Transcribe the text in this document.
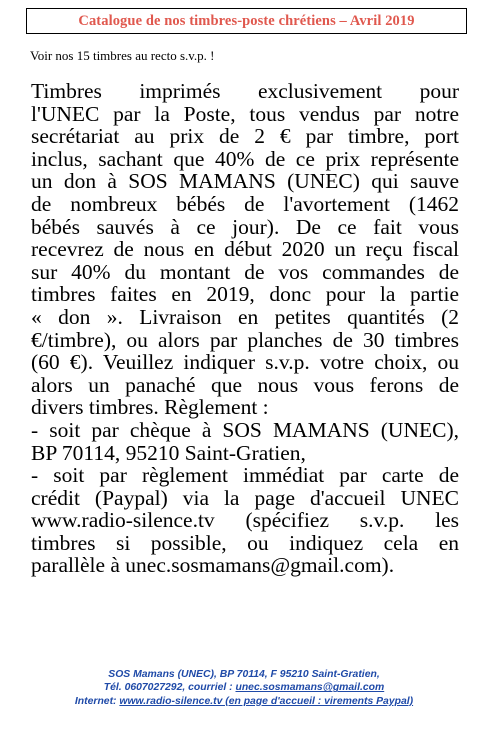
Catalogue de nos timbres-poste chrétiens – Avril 2019
Voir nos 15 timbres au recto s.v.p. !
Timbres imprimés exclusivement pour
l'UNEC par la Poste, tous vendus par notre
secrétariat au prix de 2 € par timbre, port
inclus, sachant que 40% de ce prix représente
un don à SOS MAMANS (UNEC) qui sauve
de nombreux bébés de l'avortement (1462
bébés sauvés à ce jour). De ce fait vous
recevrez de nous en début 2020 un reçu fiscal
sur 40% du montant de vos commandes de
timbres faites en 2019, donc pour la partie
« don ». Livraison en petites quantités (2
€/timbre), ou alors par planches de 30 timbres
(60 €). Veuillez indiquer s.v.p. votre choix, ou
alors un panaché que nous vous ferons de
divers timbres. Règlement :
- soit par chèque à SOS MAMANS (UNEC),
BP 70114, 95210 Saint-Gratien,
- soit par règlement immédiat par carte de
crédit (Paypal) via la page d'accueil UNEC
www.radio-silence.tv (spécifiez s.v.p. les
timbres si possible, ou indiquez cela en
parallèle à unec.sosmamans@gmail.com).
SOS Mamans (UNEC), BP 70114, F 95210 Saint-Gratien,
Tél. 0607027292, courriel : unec.sosmamans@gmail.com
Internet: www.radio-silence.tv (en page d'accueil : virements Paypal)
